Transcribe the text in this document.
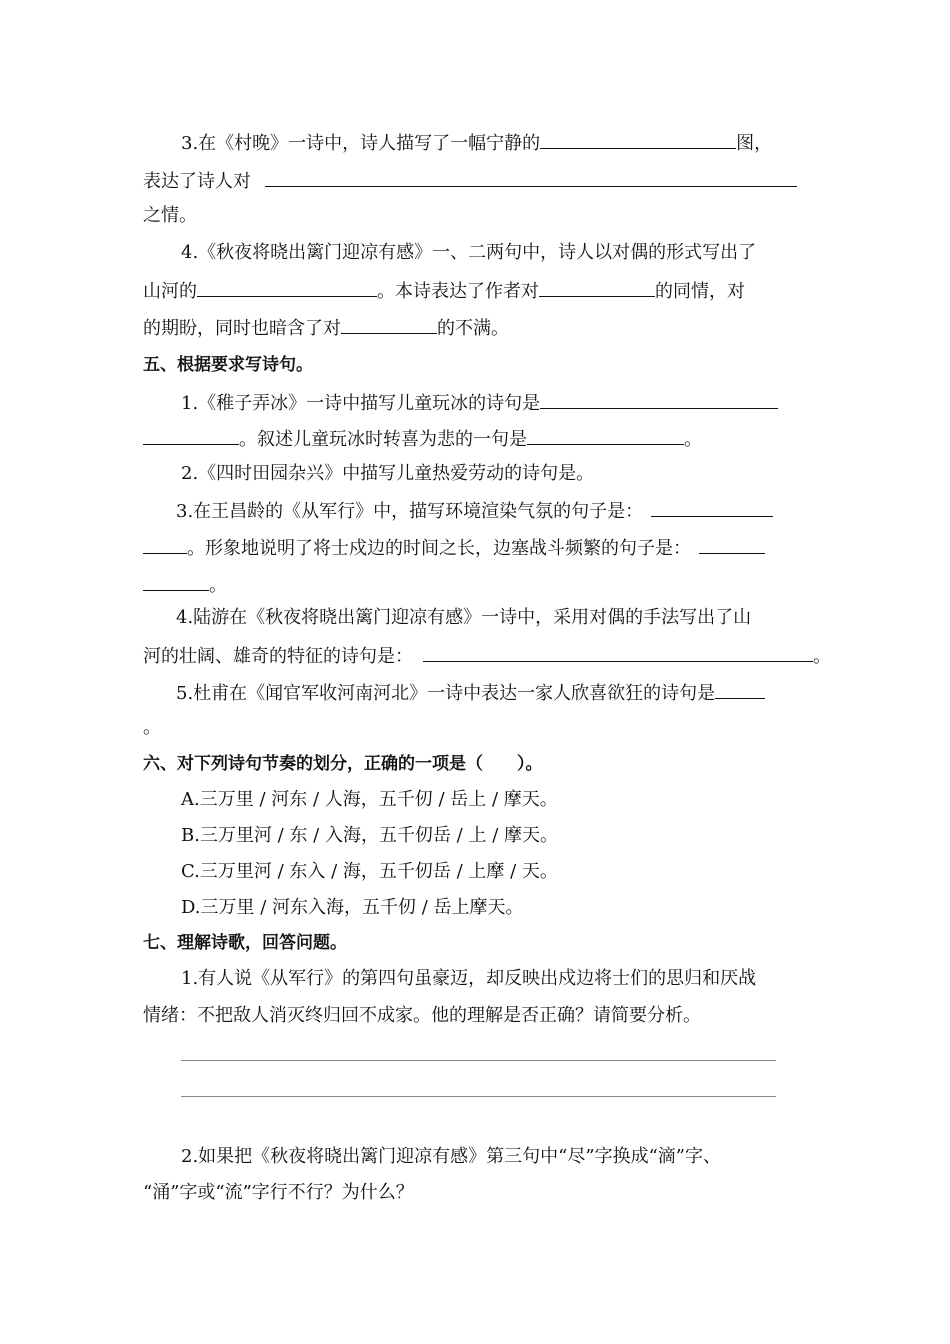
3.在《村晚》一诗中，诗人描写了一幅宁静的	图，
表达了诗人对
之情。
4.《秋夜将晓出篱门迎凉有感》一、二两句中，诗人以对偶的形式写出了
山河的	。本诗表达了作者对	的同情，对
的期盼，同时也暗含了对	的不满。
五、根据要求写诗句。
1.《稚子弄冰》一诗中描写儿童玩冰的诗句是
。叙述儿童玩冰时转喜为悲的一句是	。
2.《四时田园杂兴》中描写儿童热爱劳动的诗句是。
3.在王昌龄的《从军行》中，描写环境渲染气氛的句子是：
。形象地说明了将士戍边的时间之长，边塞战斗频繁的句子是：
。
4.陆游在《秋夜将晓出篱门迎凉有感》一诗中，采用对偶的手法写出了山
河的壮阔、雄奇的特征的诗句是：	。
5.杜甫在《闻官军收河南河北》一诗中表达一家人欣喜欲狂的诗句是
。
六、对下列诗句节奏的划分，正确的一项是（　　）。
A.三万里 / 河东 / 人海，五千仞 / 岳上 / 摩天。
B.三万里河 / 东 / 入海，五千仞岳 / 上 / 摩天。
C.三万里河 / 东入 / 海，五千仞岳 / 上摩 / 天。
D.三万里 / 河东入海，五千仞 / 岳上摩天。
七、理解诗歌，回答问题。
1.有人说《从军行》的第四句虽豪迈，却反映出戍边将士们的思归和厌战
情绪：不把敌人消灭终归回不成家。他的理解是否正确？请简要分析。
2.如果把《秋夜将晓出篱门迎凉有感》第三句中“尽”字换成“滴”字、
“涌”字或“流”字行不行？为什么？
